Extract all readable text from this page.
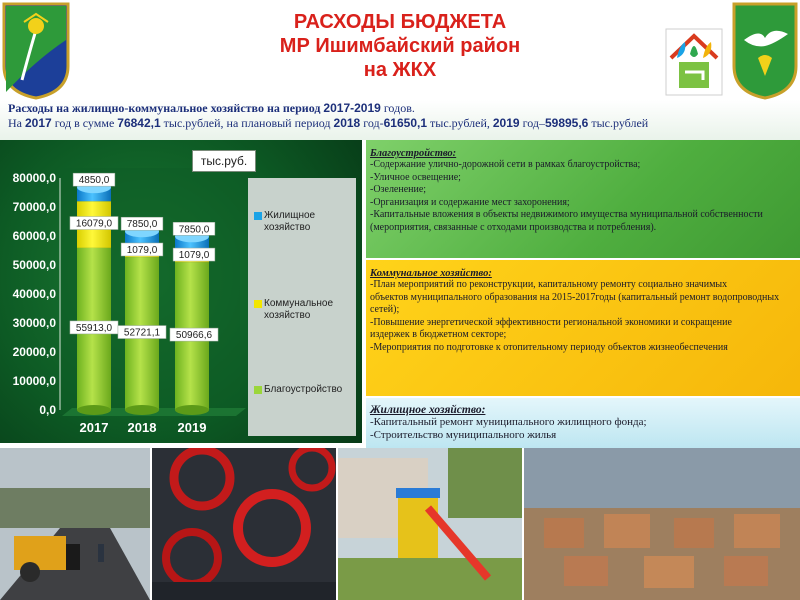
РАСХОДЫ БЮДЖЕТА
МР Ишимбайский район
на ЖКХ
Расходы на жилищно-коммунальное хозяйство на период 2017-2019 годов.
На 2017 год в сумме 76842,1 тыс.рублей, на плановый период 2018 год-61650,1 тыс.рублей, 2019 год–59895,6 тыс.рублей
0,0
10000,0
20000,0
30000,0
40000,0
50000,0
60000,0
70000,0
80000,0
55913,0
16079,0
4850,0
52721,1
1079,0
7850,0
50966,6
1079,0
7850,0
2017 2018 2019
тыс.руб.
Жилищное хозяйство
Коммунальное хозяйство
Благоустройство
Благоустройство:
-Содержание улично-дорожной сети в рамках благоустройства;
-Уличное освещение;
-Озеленение;
-Организация и содержание мест захоронения;
-Капитальные вложения в объекты недвижимого имущества муниципальной собственности (мероприятия, связанные с отходами производства и потребления).
Коммунальное хозяйство:
-План мероприятий по реконструкции, капитальному ремонту социально значимых
объектов муниципального образования на 2015-2017годы (капитальный ремонт водопроводных сетей);
-Повышение энергетической эффективности региональной экономики и сокращение
издержек в бюджетном секторе;
-Мероприятия по подготовке к отопительному периоду объектов жизнеобеспечения
Жилищное хозяйство:
-Капитальный ремонт муниципального жилищного фонда;
-Строительство муниципального жилья
